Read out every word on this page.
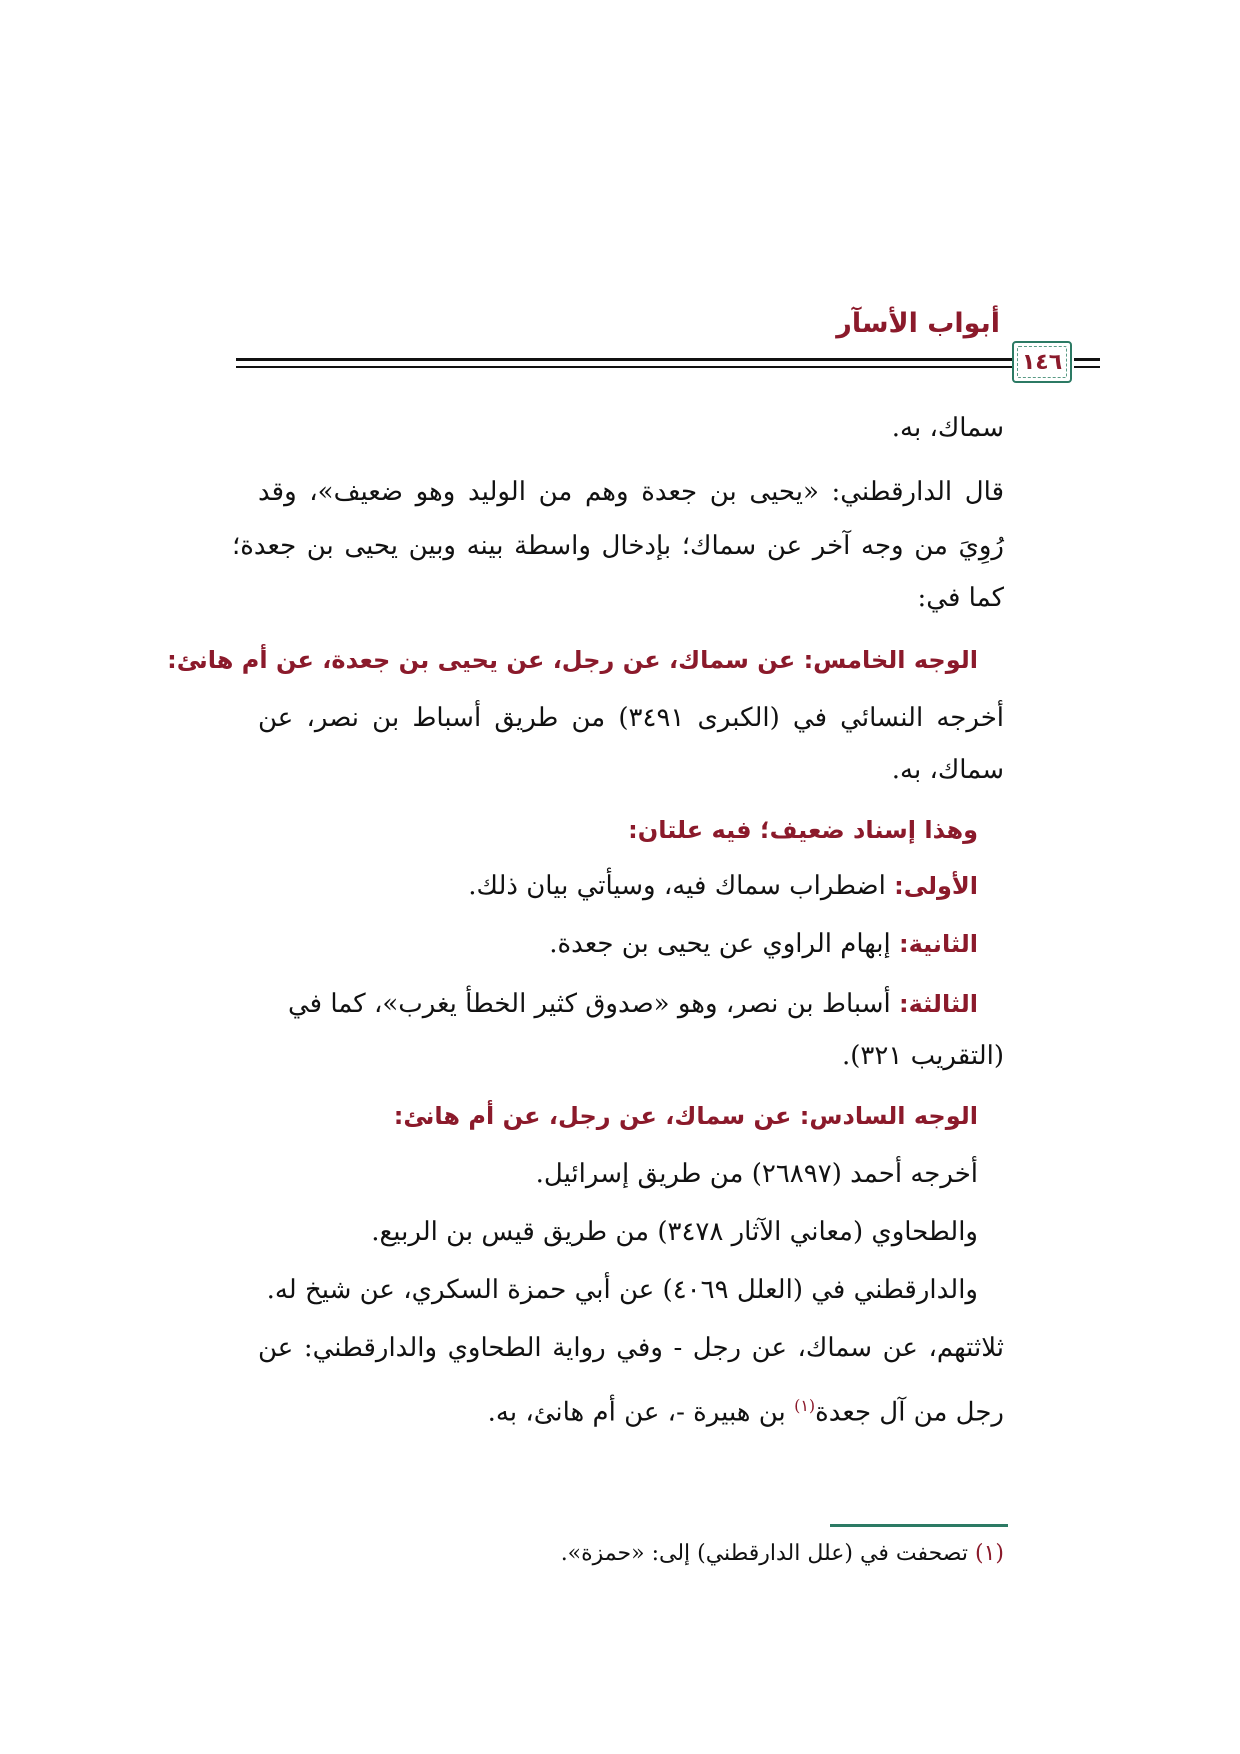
أبواب الأسآر
١٤٦
سماك، به.
قال الدارقطني: «يحيى بن جعدة وهم من الوليد وهو ضعيف»، وقد
رُوِيَ من وجه آخر عن سماك؛ بإدخال واسطة بينه وبين يحيى بن جعدة؛
كما في:
الوجه الخامس: عن سماك، عن رجل، عن يحيى بن جعدة، عن أم هانئ:
أخرجه النسائي في (الكبرى ٣٤٩١) من طريق أسباط بن نصر، عن
سماك، به.
وهذا إسناد ضعيف؛ فيه علتان:
الأولى: اضطراب سماك فيه، وسيأتي بيان ذلك.
الثانية: إبهام الراوي عن يحيى بن جعدة.
الثالثة: أسباط بن نصر، وهو «صدوق كثير الخطأ يغرب»، كما في
(التقريب ٣٢١).
الوجه السادس: عن سماك، عن رجل، عن أم هانئ:
أخرجه أحمد (٢٦٨٩٧) من طريق إسرائيل.
والطحاوي (معاني الآثار ٣٤٧٨) من طريق قيس بن الربيع.
والدارقطني في (العلل ٤٠٦٩) عن أبي حمزة السكري، عن شيخ له.
ثلاثتهم، عن سماك، عن رجل - وفي رواية الطحاوي والدارقطني: عن
رجل من آل جعدة$^{(١)}$ بن هبيرة -، عن أم هانئ، به.
(١) تصحفت في (علل الدارقطني) إلى: «حمزة».
